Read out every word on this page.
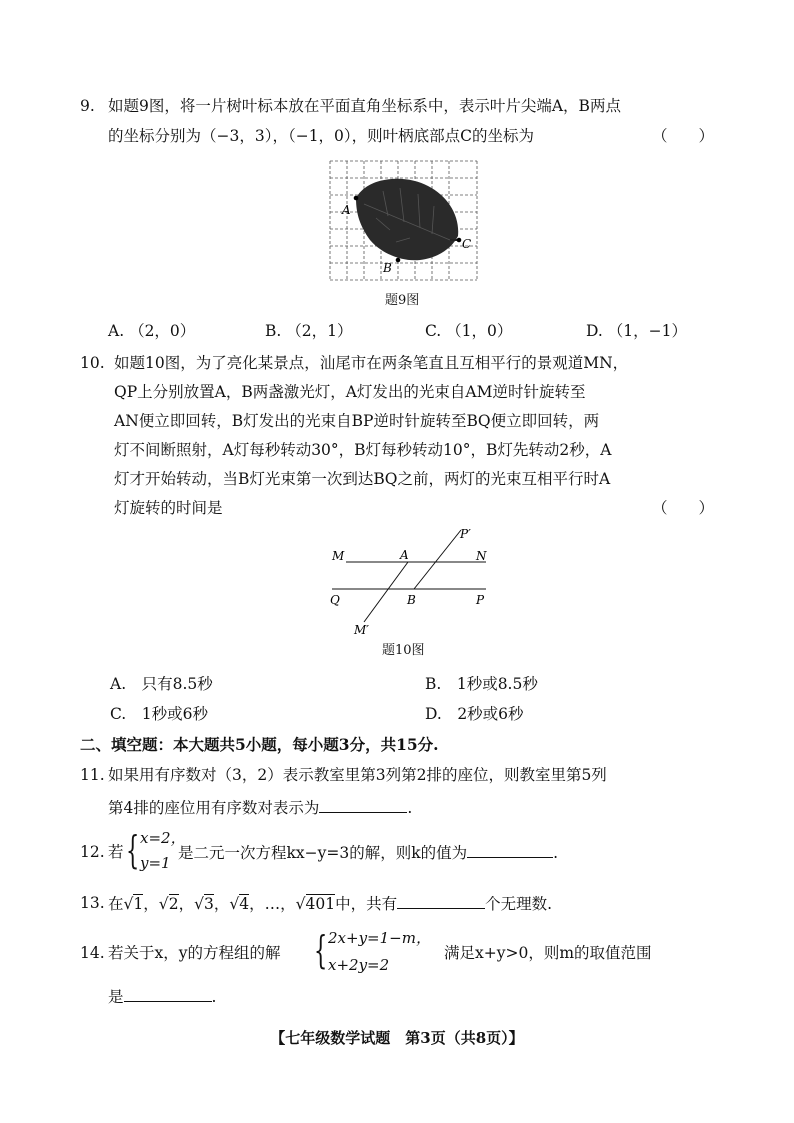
9. 如题9图，将一片树叶标本放在平面直角坐标系中，表示叶片尖端A，B两点
的坐标分别为（−3，3），（−1，0），则叶柄底部点C的坐标为	（　　）
A
B
C
题9图
A.  （2，0）	B.  （2，1）	C.  （1，0）	D.  （1，−1）
10. 如题10图，为了亮化某景点，汕尾市在两条笔直且互相平行的景观道MN，
QP上分别放置A，B两盏激光灯，A灯发出的光束自AM逆时针旋转至
AN便立即回转，B灯发出的光束自BP逆时针旋转至BQ便立即回转，两
灯不间断照射，A灯每秒转动30°，B灯每秒转动10°，B灯先转动2秒，A
灯才开始转动，当B灯光束第一次到达BQ之前，两灯的光束互相平行时A
灯旋转的时间是	（　　）
M	A	N
P′
Q	B	P
M′
题10图
A.  只有8.5秒	B.  1秒或8.5秒
C.  1秒或6秒	D.  2秒或6秒
二、填空题：本大题共5小题，每小题3分，共15分.
11. 如果用有序数对（3，2）表示教室里第3列第2排的座位，则教室里第5列
第4排的座位用有序数对表示为	.
12. 若 { x=2，
y=1
是二元一次方程kx−y=3的解，则k的值为	.
13. 在√1，√2，√3，√4，…，√401中，共有	个无理数.
14. 若关于x，y的方程组的解 { 2x+y=1−m，
x+2y=2
满足x+y>0，则m的取值范围
是	.
【七年级数学试题　第3页（共8页）】
